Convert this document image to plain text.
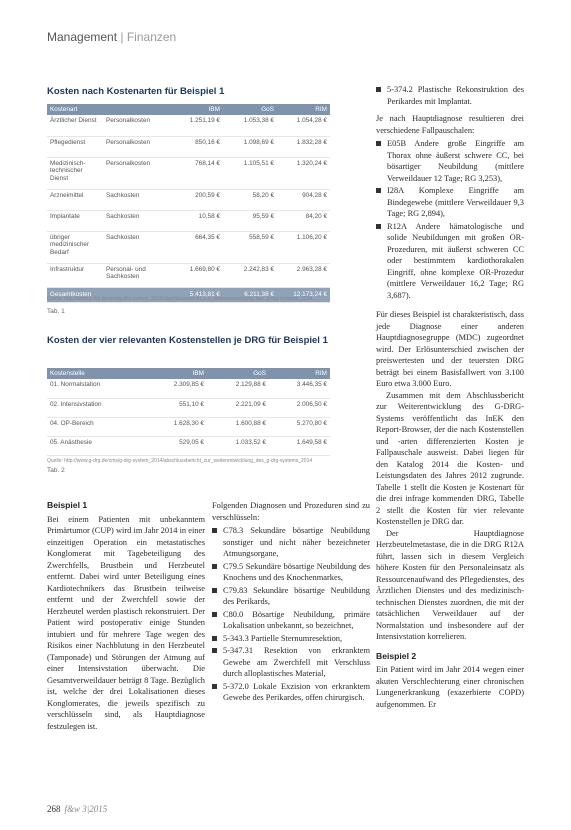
Management | Finanzen
Kosten nach Kostenarten für Beispiel 1
Kostenart		IBM	GoS	RIM
Ärztlicher Dienst	Personalkosten	1.251,19 €	1.053,38 €	1.054,28 €
Pflegedienst	Personalkosten	850,16 €	1.098,69 €	1.832,28 €
Medizinisch-technischer Dienst	Personalkosten	768,14 €	1.105,51 €	1.320,24 €
Arzneimittel	Sachkosten	200,59 €	58,20 €	904,28 €
Implantate	Sachkosten	10,58 €	95,59 €	84,20 €
übriger medizinischer Bedarf	Sachkosten	664,35 €	558,59 €	1.106,20 €
Infrastruktur	Personal- und Sachkosten	1.669,80 €	2.242,83 €	2.963,28 €
Gesamtkosten		5.413,81 €	6.211,38 €	12.173,24 €
Quelle: http://www.g-drg.de/cms/g-drg-system_2014/abschlussbericht_zur_weiterentwicklung_des_g-drg-systems_2014
Tab. 1
Kosten der vier relevanten Kostenstellen je DRG für Beispiel 1
Kostenstelle	IBM	GoS	RIM
01. Normalstation	2.309,85 €	2.129,88 €	3.446,35 €
02. Intensivstation	551,10 €	2.221,09 €	2.006,50 €
04. OP-Bereich	1.628,30 €	1.600,88 €	5.270,80 €
05. Anästhesie	529,05 €	1.033,52 €	1.649,58 €
Quelle: http://www.g-drg.de/cms/g-drg-system_2014/abschlussbericht_zur_weiterentwicklung_des_g-drg-systems_2014
Tab. 2
Beispiel 1

Bei einem Patienten mit unbekanntem Primärtumor (CUP) wird im Jahr 2014 in einer einzeitigen Operation ein metastatisches Konglomerat mit Tagebeteiligung des Zwerchfells, Brustbein und Herzbeutel entfernt. Dabei wird unter Beteiligung eines Kardiotechnikers das Brustbein teilweise entfernt und der Zwerchfell sowie der Herzbeutel werden plastisch rekonstruiert. Der Patient wird postoperativ einige Stunden intubiert und für mehrere Tage wegen des Risikos einer Nachblutung in den Herzbeutel (Tamponade) und Störungen der Atmung auf einer Intensivstation überwacht. Die Gesamtverweildauer beträgt 8 Tage. Bezüglich ist, welche der drei Lokalisationen dieses Konglomerates, die jeweils spezifisch zu verschlüsseln sind, als Hauptdiagnose festzulegen ist.

Folgenden Diagnosen und Prozeduren sind zu verschlüsseln:

C78.3 Sekundäre bösartige Neubildung sonstiger und nicht näher bezeichneter Atmungsorgane,
C79.5 Sekundäre bösartige Neubildung des Knochens und des Knochenmarkes,
C79.83 Sekundäre bösartige Neubildung des Perikards,
C80.0 Bösartige Neubildung, primäre Lokalisation unbekannt, so bezeichnet,
5-343.3 Partielle Sternumresektion,
5-347.31 Resektion von erkranktem Gewebe am Zwerchfell mit Verschluss durch alloplastisches Material,
5-372.0 Lokale Exzision von erkranktem Gewebe des Perikardes, offen chirurgisch.
5-374.2 Plastische Rekonstruktion des Perikardes mit Implantat.

Je nach Hauptdiagnose resultieren drei verschiedene Fallpauschalen:

E05B Andere große Eingriffe am Thorax ohne äußerst schwere CC, bei bösartiger Neubildung (mittlere Verweildauer 12 Tage; RG 3,253),
I28A Komplexe Eingriffe am Bindegewebe (mittlere Verweildauer 9,3 Tage; RG 2,894),
R12A Andere hämatologische und solide Neubildungen mit großen OR-Prozeduren, mit äußerst schweren CC oder bestimmtem kardiothorakalen Eingriff, ohne komplexe OR-Prozedur (mittlere Verweildauer 16,2 Tage; RG 3,687).

Für dieses Beispiel ist charakteristisch, dass jede Diagnose einer anderen Hauptdiagnosegruppe (MDC) zugeordnet wird. Der Erlösunterschied zwischen der preiswertesten und der teuersten DRG beträgt bei einem Basisfallwert von 3.100 Euro etwa 3.000 Euro.

Zusammen mit dem Abschlussbericht zur Weiterentwicklung des G-DRG-Systems veröffentlicht das InEK den Report-Browser, der die nach Kostenstellen und -arten differenzierten Kosten je Fallpauschale ausweist. Dabei liegen für den Katalog 2014 die Kosten- und Leistungsdaten des Jahres 2012 zugrunde. Tabelle 1 stellt die Kosten je Kostenart für die drei infrage kommenden DRG, Tabelle 2 stellt die Kosten für vier relevante Kostenstellen je DRG dar.

Der Hauptdiagnose Herzbeutelmetastase, die in die DRG R12A führt, lassen sich in diesem Vergleich höhere Kosten für den Personaleinsatz als Ressourcenaufwand des Pflegedienstes, des Ärztlichen Dienstes und des medizinisch-technischen Dienstes zuordnen, die mit der tatsächlichen Verweildauer auf der Normalstation und insbesondere auf der Intensivstation korrelieren.

Beispiel 2

Ein Patient wird im Jahr 2014 wegen einer akuten Verschlechterung einer chronischen Lungenerkrankung (exazerbierte COPD) aufgenommen. Er

268 f&w 3|2015
